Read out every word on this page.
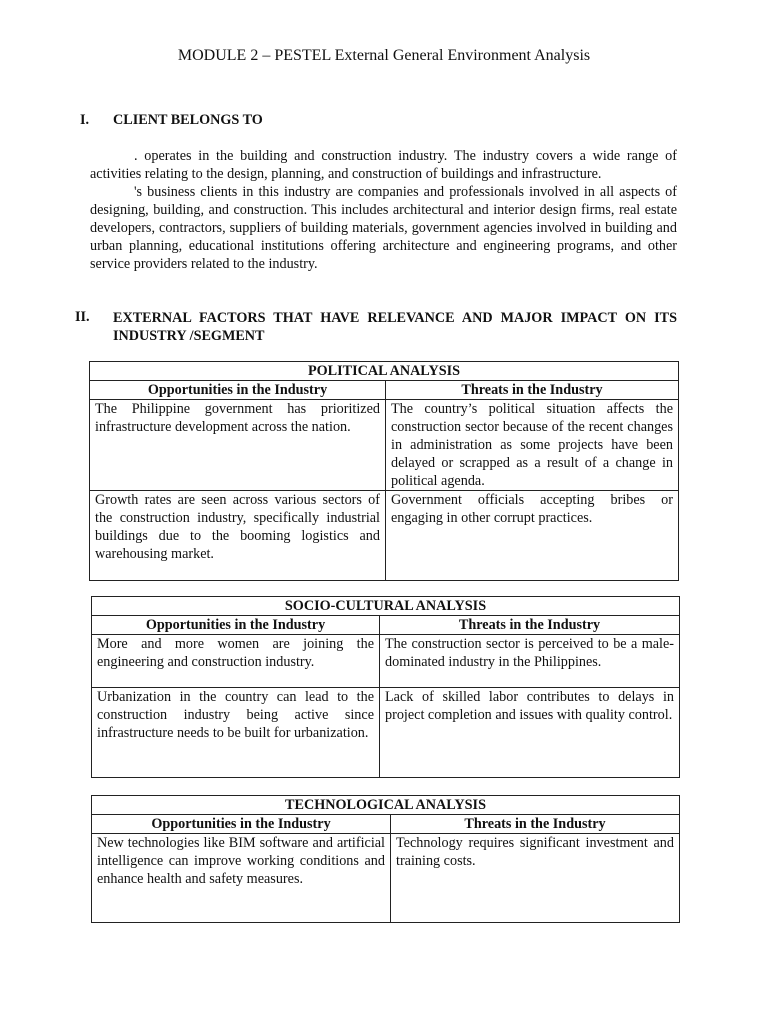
MODULE 2 – PESTEL External General Environment Analysis
I. CLIENT BELONGS TO

. operates in the building and construction industry. The industry covers a wide range of activities relating to the design, planning, and construction of buildings and infrastructure.

's business clients in this industry are companies and professionals involved in all aspects of designing, building, and construction. This includes architectural and interior design firms, real estate developers, contractors, suppliers of building materials, government agencies involved in building and urban planning, educational institutions offering architecture and engineering programs, and other service providers related to the industry.

II. EXTERNAL FACTORS THAT HAVE RELEVANCE AND MAJOR IMPACT ON ITS INDUSTRY /SEGMENT
POLITICAL ANALYSIS	
Opportunities in the Industry	Threats in the Industry
The Philippine government has prioritized infrastructure development across the nation.	The country’s political situation affects the construction sector because of the recent changes in administration as some projects have been delayed or scrapped as a result of a change in political agenda.
Growth rates are seen across various sectors of the construction industry, specifically industrial buildings due to the booming logistics and warehousing market.	Government officials accepting bribes or engaging in other corrupt practices.
SOCIO-CULTURAL ANALYSIS	
Opportunities in the Industry	Threats in the Industry
More and more women are joining the engineering and construction industry.	The construction sector is perceived to be a male-dominated industry in the Philippines.
Urbanization in the country can lead to the construction industry being active since infrastructure needs to be built for urbanization.	Lack of skilled labor contributes to delays in project completion and issues with quality control.
TECHNOLOGICAL ANALYSIS	
Opportunities in the Industry	Threats in the Industry
New technologies like BIM software and artificial intelligence can improve working conditions and enhance health and safety measures.	Technology requires significant investment and training costs.
